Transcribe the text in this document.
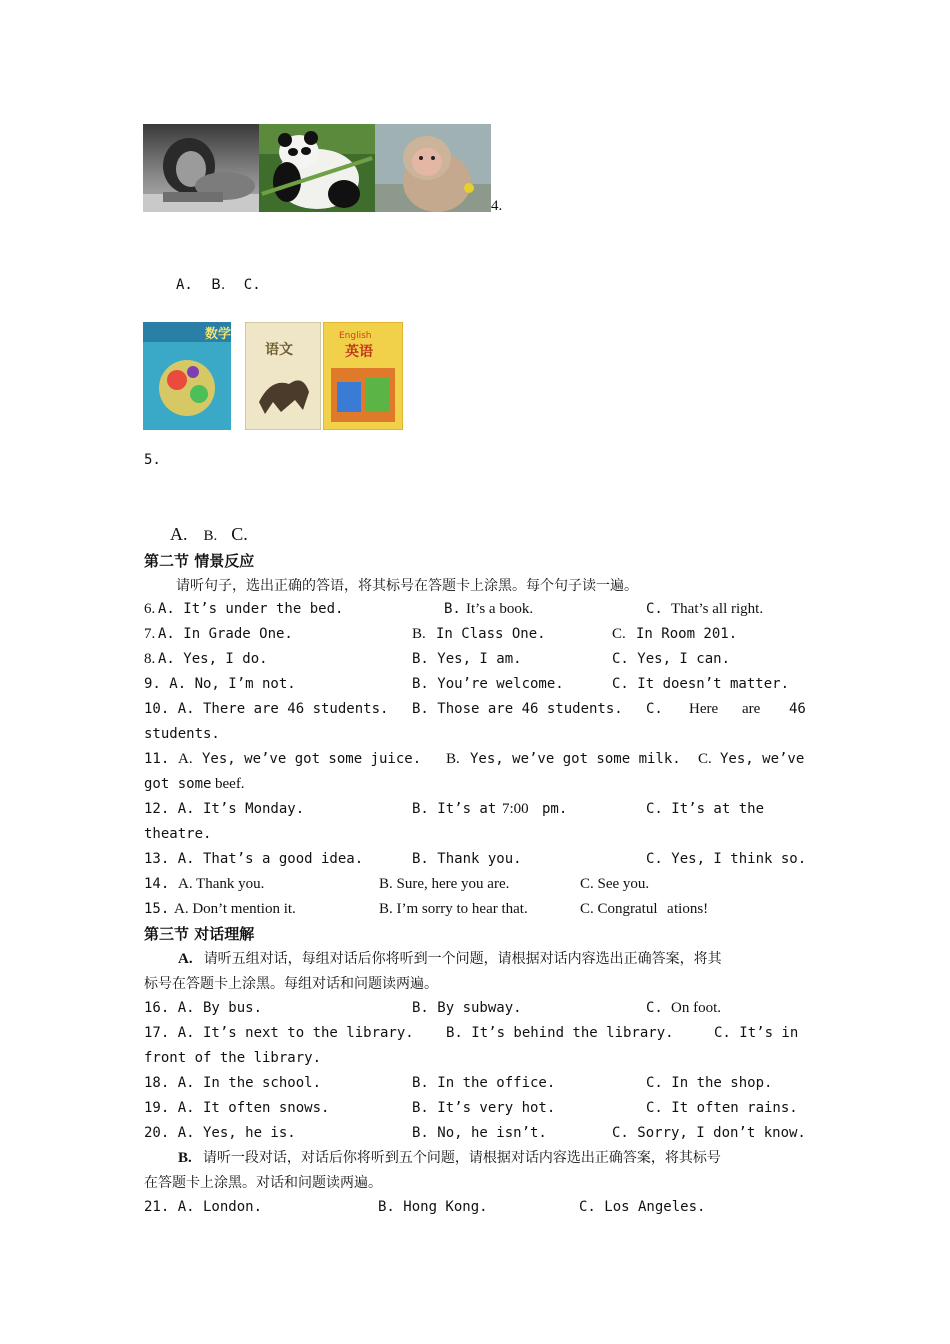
4.
A. B. C.
数学
语文
English
英语
5.
A. B. C.
第二节 情景反应
请听句子，选出正确的答语，将其标号在答题卡上涂黑。每个句子读一遍。
6. A. It’s under the bed.	B. It’s a book.	C. That’s all right.
7. A. In Grade One.	B. In Class One.	C. In Room 201.
8. A. Yes, I do.	B. Yes, I am.	C. Yes, I can.
9. A. No, I’m not.	B. You’re welcome.	C. It doesn’t matter.
10. A. There are 46 students. B. Those are 46 students. C. Here are 46
students.
11. A. Yes, we’ve got some juice. B. Yes, we’ve got some milk. C. Yes, we’ve
got some beef.
12. A. It’s Monday.	B. It’s at 7:00 pm.	C. It’s at the
theatre.
13. A. That’s a good idea.	B. Thank you.	C. Yes, I think so.
14. A. Thank you.	B. Sure, here you are.	C. See you.
15. A. Don’t mention it.	B. I’m sorry to hear that.	C. Congratul a tions!
第三节 对话理解
A. 请听五组对话，每组对话后你将听到一个问题，请根据对话内容选出正确答案，将其
标号在答题卡上涂黑。每组对话和问题读两遍。
16. A. By bus.	B. By subway.	C. On foot.
17. A. It’s next to the library. B. It’s behind the library.	C. It’s in
front of the library.
18. A. In the school.	B. In the office.	C. In the shop.
19. A. It often snows.	B. It’s very hot.	C. It often rains.
20. A. Yes, he is.	B. No, he isn’t.	C. Sorry, I don’t know.
B. 请听一段对话，对话后你将听到五个问题，请根据对话内容选出正确答案，将其标号
在答题卡上涂黑。对话和问题读两遍。
21. A. London.	B. Hong Kong.	C. Los Angeles.
